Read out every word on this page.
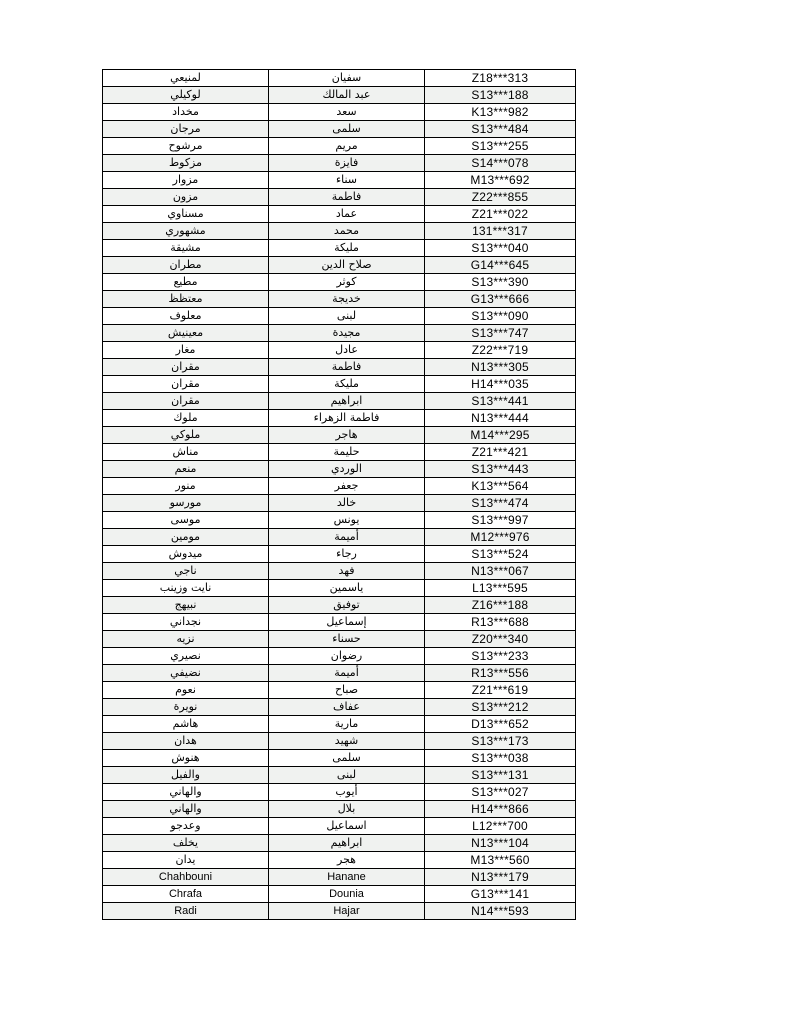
لمنيعي	سفيان	Z18***313
لوكيلي	عبد المالك	S13***188
مخداد	سعد	K13***982
مرجان	سلمى	S13***484
مرشوح	مريم	S13***255
مزكوط	فايزة	S14***078
مزوار	سناء	M13***692
مزون	فاطمة	Z22***855
مسناوي	عماد	Z21***022
مشهوري	محمد	131***317
مشيقة	مليكة	S13***040
مطران	صلاح الدين	G14***645
مطيع	كوثر	S13***390
معتظظ	خديجة	G13***666
معلوف	لبنى	S13***090
معينيش	مجيدة	S13***747
مغار	عادل	Z22***719
مقران	فاطمة	N13***305
مقران	مليكة	H14***035
مقران	ابراهيم	S13***441
ملوك	فاطمة الزهراء	N13***444
ملوكي	هاجر	M14***295
مناش	حليمة	Z21***421
منعم	الوردي	S13***443
منور	جعفر	K13***564
مورسو	خالد	S13***474
موسى	يونس	S13***997
مومين	أميمة	M12***976
ميدوش	رجاء	S13***524
ناجي	فهد	N13***067
نايت وزينب	ياسمين	L13***595
نبيهج	توفيق	Z16***188
نجداني	إسماعيل	R13***688
نزيه	حسناء	Z20***340
نصيري	رضوان	S13***233
نضيفي	أميمة	R13***556
نعوم	صباح	Z21***619
نويرة	عفاف	S13***212
هاشم	مارية	D13***652
هدان	شهيد	S13***173
هنوش	سلمى	S13***038
والفيل	لبنى	S13***131
والهاني	أيوب	S13***027
والهاني	بلال	H14***866
وعدجو	اسماعيل	L12***700
يخلف	ابراهيم	N13***104
يدان	هجر	M13***560
Chahbouni	Hanane	N13***179
Chrafa	Dounia	G13***141
Radi	Hajar	N14***593
